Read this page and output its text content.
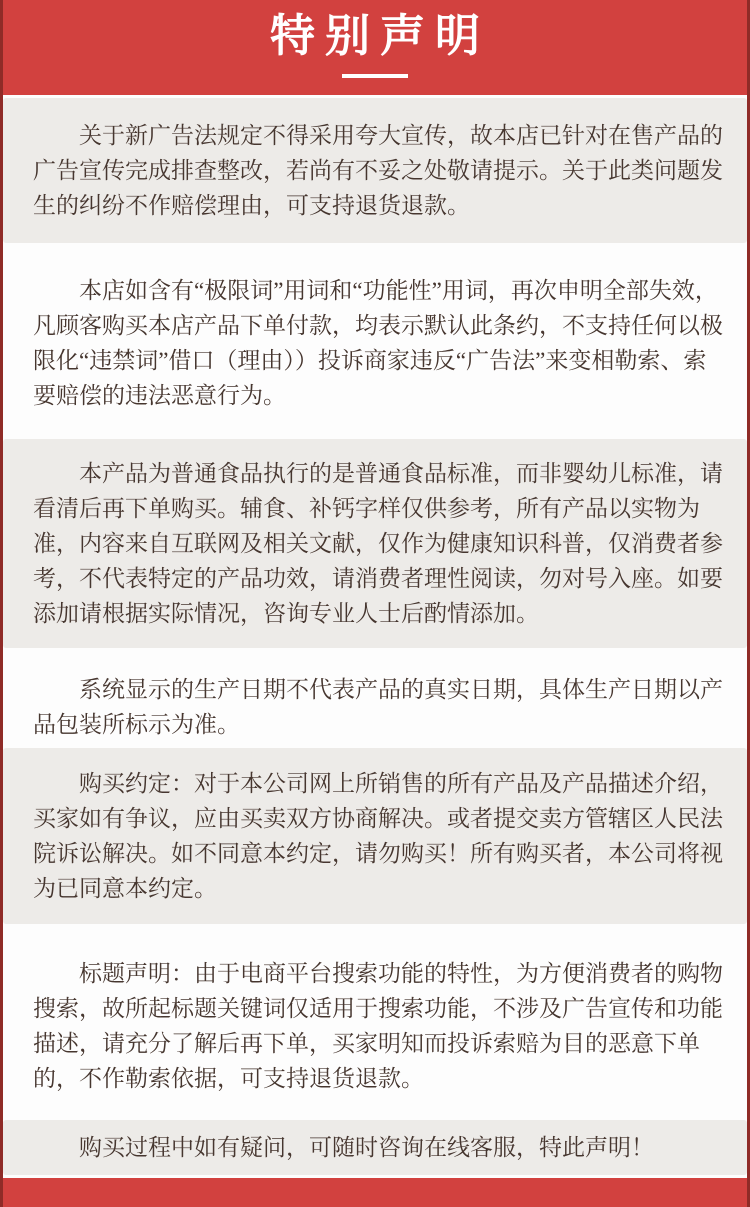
特别声明

关于新广告法规定不得采用夸大宣传，故本店已针对在售产品的广告宣传完成排查整改，若尚有不妥之处敬请提示。关于此类问题发生的纠纷不作赔偿理由，可支持退货退款。

本店如含有“极限词”用词和“功能性”用词，再次申明全部失效，凡顾客购买本店产品下单付款，均表示默认此条约，不支持任何以极限化“违禁词”借口（理由））投诉商家违反“广告法”来变相勒索、索要赔偿的违法恶意行为。

本产品为普通食品执行的是普通食品标准，而非婴幼儿标准，请看清后再下单购买。辅食、补钙字样仅供参考，所有产品以实物为准，内容来自互联网及相关文献，仅作为健康知识科普，仅消费者参考，不代表特定的产品功效，请消费者理性阅读，勿对号入座。如要添加请根据实际情况，咨询专业人士后酌情添加。

系统显示的生产日期不代表产品的真实日期，具体生产日期以产品包装所标示为准。

购买约定：对于本公司网上所销售的所有产品及产品描述介绍，买家如有争议，应由买卖双方协商解决。或者提交卖方管辖区人民法院诉讼解决。如不同意本约定，请勿购买！所有购买者，本公司将视为已同意本约定。

标题声明：由于电商平台搜索功能的特性，为方便消费者的购物搜索，故所起标题关键词仅适用于搜索功能，不涉及广告宣传和功能描述，请充分了解后再下单，买家明知而投诉索赔为目的恶意下单的，不作勒索依据，可支持退货退款。

购买过程中如有疑问，可随时咨询在线客服，特此声明！
